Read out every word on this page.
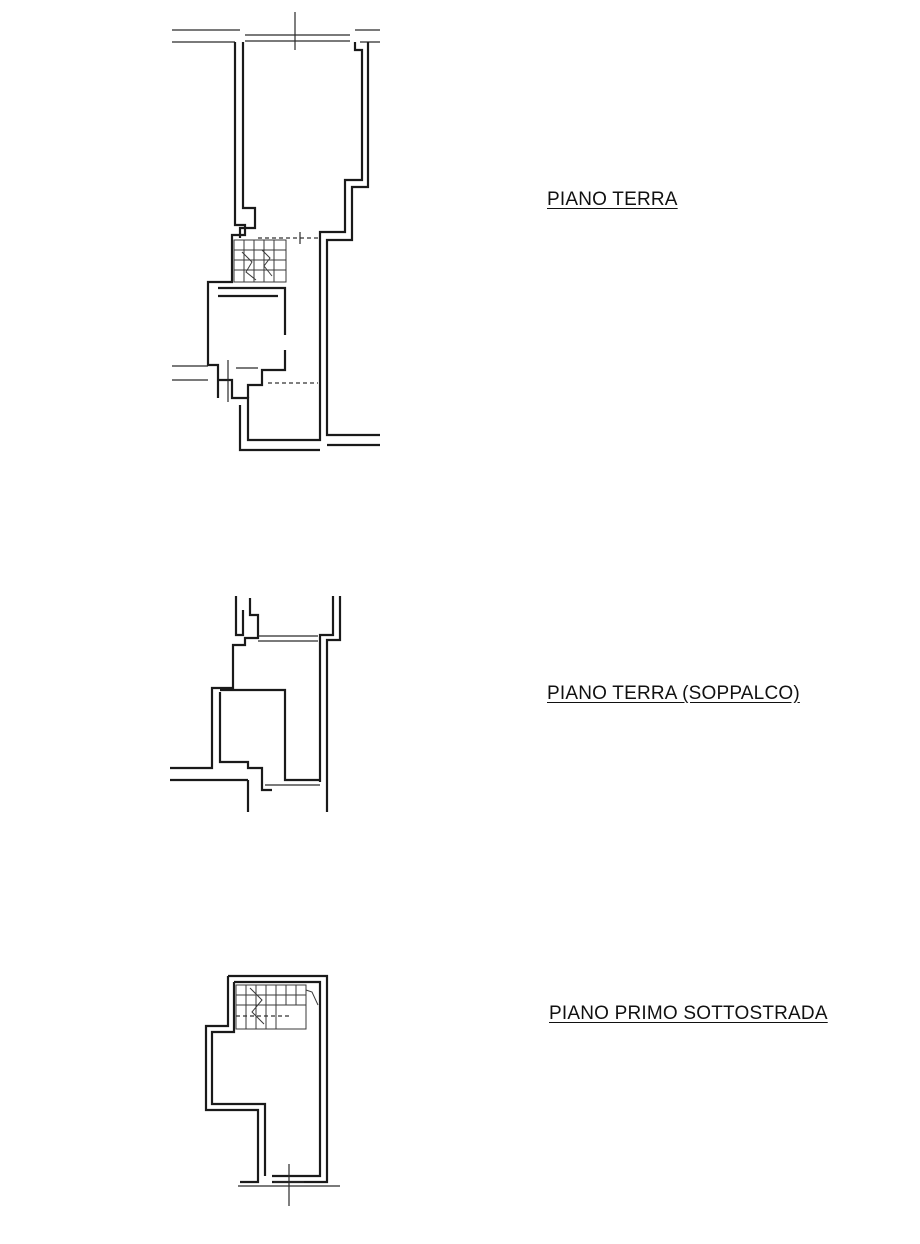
PIANO TERRA
PIANO TERRA (SOPPALCO)
PIANO PRIMO SOTTOSTRADA
